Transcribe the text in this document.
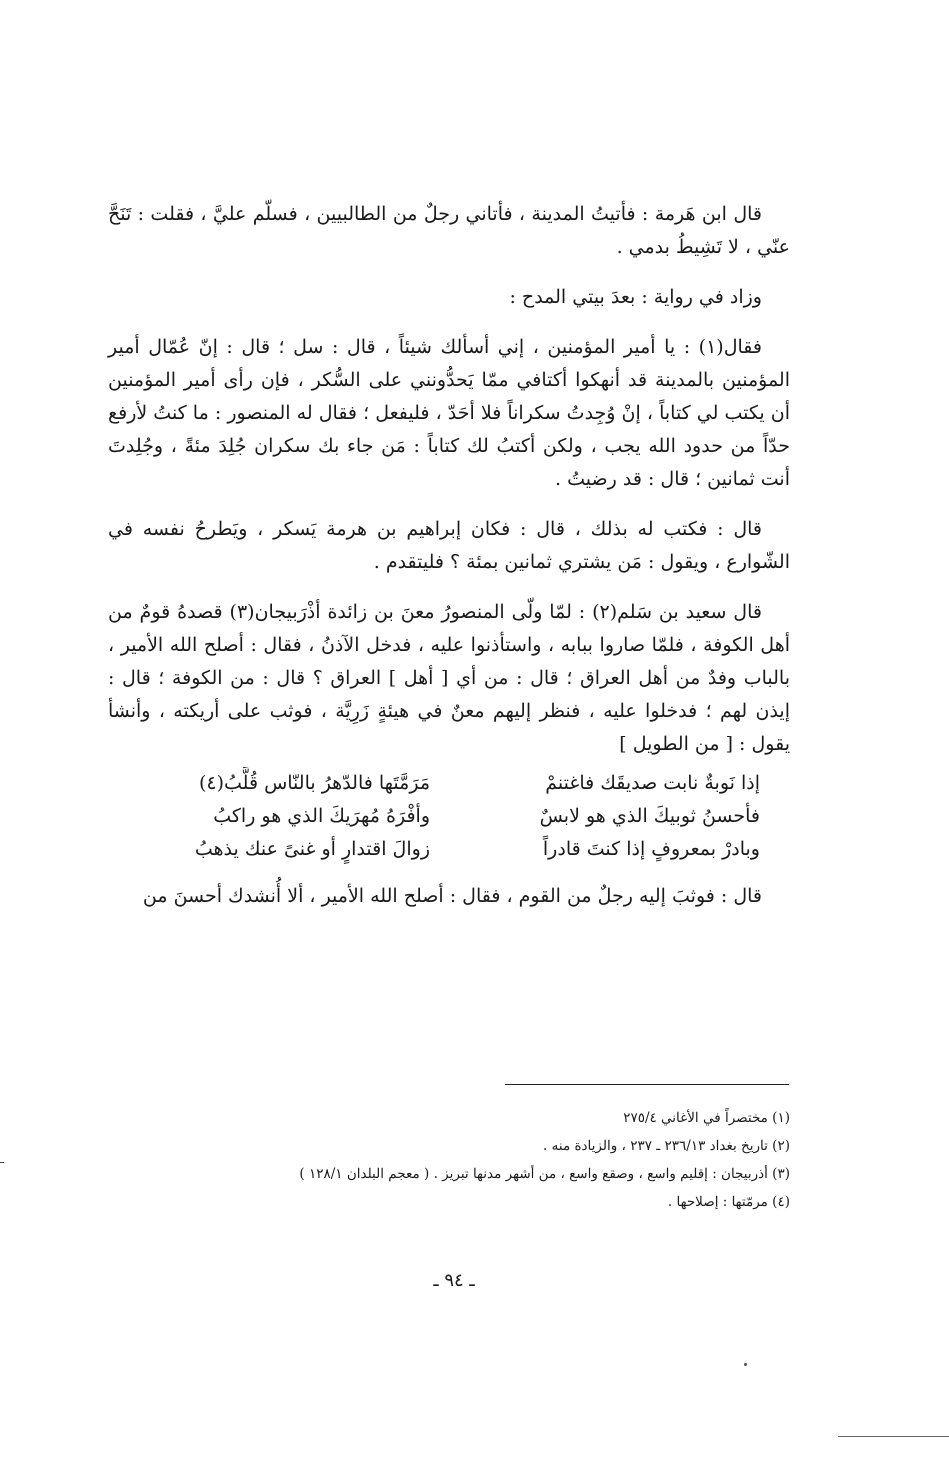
قال ابن هَرمة : فأتيتُ المدينة ، فأتاني رجلٌ من الطالبيين ، فسلّم عليَّ ، فقلت : تَنَحَّ عنّي ، لا تَشِيطُ بدمي .

وزاد في رواية : بعدَ بيتي المدح :

فقال(١) : يا أمير المؤمنين ، إني أسألك شيئاً ، قال : سل ؛ قال : إنّ عُمّال أمير المؤمنين بالمدينة قد أنهكوا أكتافي ممّا يَحدُّونني على السُّكر ، فإن رأى أمير المؤمنين أن يكتب لي كتاباً ، إنْ وُجِدتُ سكراناً فلا أحَدّ ، فليفعل ؛ فقال له المنصور : ما كنتُ لأرفع حدّاً من حدود الله يجب ، ولكن أكتبُ لك كتاباً : مَن جاء بك سكران جُلِدَ مئةً ، وجُلِدتَ أنت ثمانين ؛ قال : قد رضيتُ .

قال : فكتب له بذلك ، قال : فكان إبراهيم بن هرمة يَسكر ، ويَطرحُ نفسه في الشّوارع ، ويقول : مَن يشتري ثمانين بمئة ؟ فليتقدم .

قال سعيد بن سَلم(٢) : لمّا ولّى المنصورُ معنَ بن زائدة أذْرَبيجان(٣) قصدهُ قومٌ من أهل الكوفة ، فلمّا صاروا ببابه ، واستأذنوا عليه ، فدخل الآذنُ ، فقال : أصلح الله الأمير ، بالباب وفدٌ من أهل العراق ؛ قال : من أي [ أهل ] العراق ؟ قال : من الكوفة ؛ قال : إيذن لهم ؛ فدخلوا عليه ، فنظر إليهم معنٌ في هيئةٍ زَرِيَّة ، فوثب على أريكته ، وأنشأ يقول : [ من الطويل ]

إذا نَوبةٌ نابت صديقَك فاغتنمْ
مَرَمَّتَها فالدّهرُ بالنّاس قُلَّبُ(٤)
فأحسنُ ثوبيكَ الذي هو لابسٌ
وأفْرَهُ مُهرَيكَ الذي هو راكبُ
وبادرْ بمعروفٍ إذا كنتَ قادراً
زوالَ اقتدارٍ أو غنىً عنك يذهبُ

قال : فوثبَ إليه رجلٌ من القوم ، فقال : أصلح الله الأمير ، ألا أُنشدك أحسنَ من

(١) مختصراً في الأغاني ٢٧٥/٤

(٢) تاريخ بغداد ٢٣٦/١٣ ـ ٢٣٧ ، والزيادة منه .

(٣) أذربيجان : إقليم واسع ، وصقع واسع ، من أشهر مدنها تبريز . ( معجم البلدان ١٢٨/١ )

(٤) مرمّتها : إصلاحها .

ـ ٩٤ ـ
